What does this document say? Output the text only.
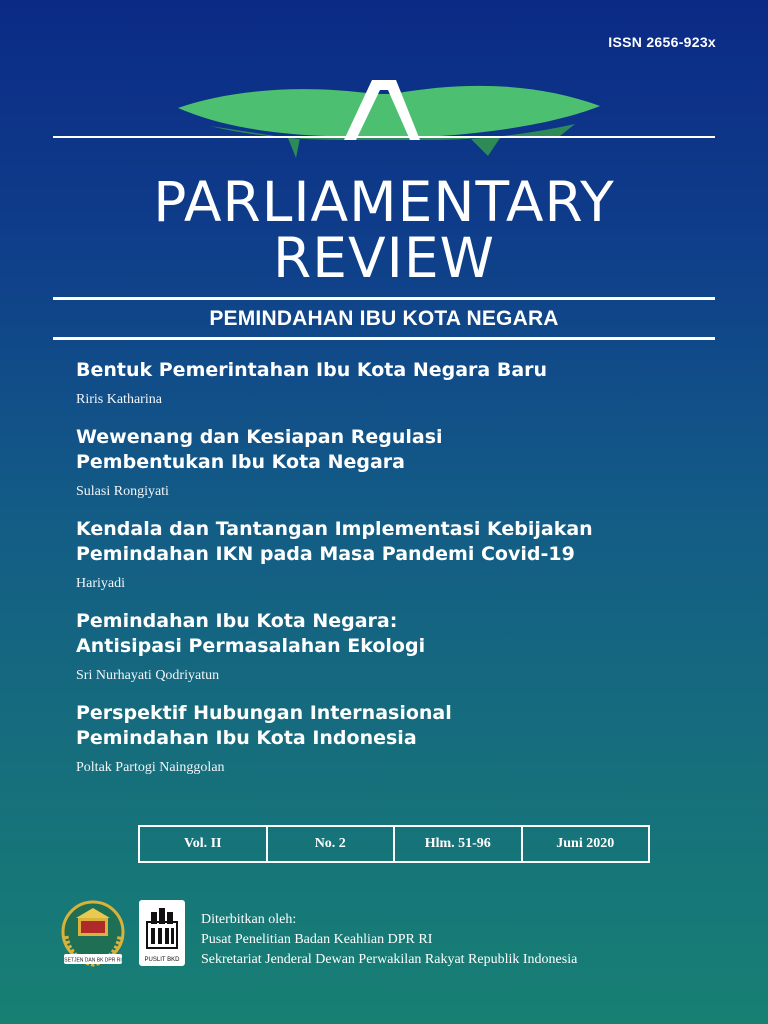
ISSN 2656-923x
PARLIAMENTARY
REVIEW
PEMINDAHAN IBU KOTA NEGARA
Bentuk Pemerintahan Ibu Kota Negara Baru
Riris Katharina
Wewenang dan Kesiapan Regulasi
Pembentukan Ibu Kota Negara
Sulasi Rongiyati
Kendala dan Tantangan Implementasi Kebijakan
Pemindahan IKN pada Masa Pandemi Covid-19
Hariyadi
Pemindahan Ibu Kota Negara:
Antisipasi Permasalahan Ekologi
Sri Nurhayati Qodriyatun
Perspektif Hubungan Internasional
Pemindahan Ibu Kota Indonesia
Poltak Partogi Nainggolan
Vol. II	No. 2	Hlm. 51-96	Juni 2020
SETJEN DAN BK DPR RI	PUSLIT BKD
Diterbitkan oleh:
Pusat Penelitian Badan Keahlian DPR RI
Sekretariat Jenderal Dewan Perwakilan Rakyat Republik Indonesia
